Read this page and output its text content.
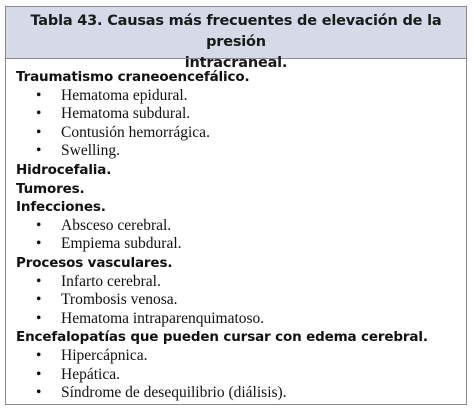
Tabla 43. Causas más frecuentes de elevación de la presión
intracraneal.
Traumatismo craneoencefálico.
• Hematoma epidural.
• Hematoma subdural.
• Contusión hemorrágica.
• Swelling.
Hidrocefalia.
Tumores.
Infecciones.
• Absceso cerebral.
• Empiema subdural.
Procesos vasculares.
• Infarto cerebral.
• Trombosis venosa.
• Hematoma intraparenquimatoso.
Encefalopatías que pueden cursar con edema cerebral.
• Hipercápnica.
• Hepática.
• Síndrome de desequilibrio (diálisis).
